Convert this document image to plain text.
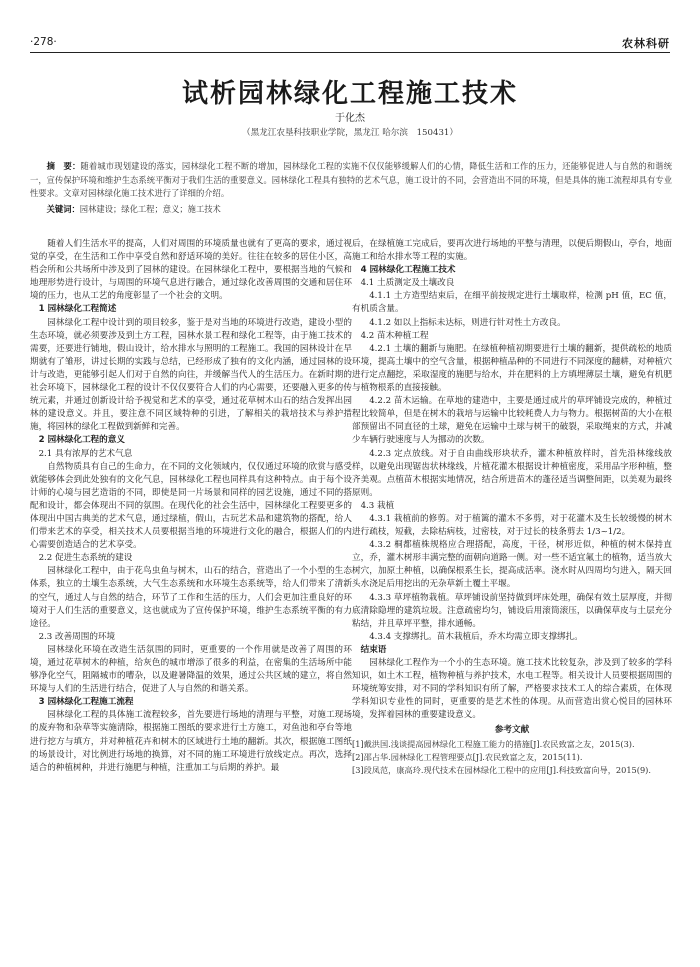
·278·	农林科研
试析园林绿化工程施工技术
于化杰
（黑龙江农垦科技职业学院，黑龙江 哈尔滨　150431）
摘　要：随着城市现划建设的落实，园林绿化工程不断的增加，园林绿化工程的实施不仅仅能够缓解人们的心情，降低生活和工作的压力，还能够促进人与自然的和谐统一，宣传保护环境和维护生态系统平衡对于我们生活的重要意义。园林绿化工程具有独特的艺术气息，施工设计的不同，会营造出不同的环境，但是具体的施工流程却具有专业性要求。文章对园林绿化施工技术进行了详细的介绍。
关键词：园林建设；绿化工程；意义；施工技术

随着人们生活水平的提高，人们对周围的环境质量也就有了更高的要求，通过视觉的享受，在生活和工作中享受自然和舒适环境的美好。往往在较多的居住小区，高档会所和公共场所中涉及到了园林的建设。在园林绿化工程中，要根据当地的气候和地理形势进行设计，与周围的环境气息进行融合，通过绿化改善周围的交通和居住环境的压力，也从工艺的角度彰显了一个社会的文明。

1 园林绿化工程简述

园林绿化工程中设计到的项目较多，鉴于是对当地的环境进行改造，建设小型的生态环境，就必须要涉及到土方工程，园林水景工程和绿化工程等，由于施工技术的需要，还要进行铺地，假山设计，给水排水与照明的工程施工。我国的园林设计在早期就有了雏形，讲过长期的实践与总结，已经形成了独有的文化内涵，通过园林的设计与改造，更能够引起人们对于自然的向往，并缓解当代人的生活压力。在新时期的社会环境下，园林绿化工程的设计不仅仅要符合人们的内心需要，还要融入更多的传统元素，并通过创新设计给予视觉和艺术的享受，通过花草树木山石的结合发挥出园林的建设意义。并且，要注意不同区域特种的引进，了解相关的栽培技术与养护措施，将园林的绿化工程做到新鲜和完善。

2 园林绿化工程的意义

2.1 具有浓厚的艺术气息

自然物质具有自己的生命力，在不同的文化领域内，仅仅通过环境的欣赏与感受就能够体会到此处独有的文化气息，园林绿化工程也同样具有这种特点。由于每个设计师的心境与园艺造诣的不同，即使是同一片场景和同样的园艺设施，通过不同的搭配和设计，都会体现出不同的氛围。在现代化的社会生活中，园林绿化工程要更多的体现出中国古典美的艺术气息，通过绿植，假山，古玩艺术品和建筑物的搭配，给人们带来艺术的享受，相关技术人员要根据当地的环境进行文化的融合，根据人们的内心需要创造适合的艺术享受。

2.2 促进生态系统的建设

园林绿化工程中，由于花鸟虫鱼与树木，山石的结合，营造出了一个小型的生态体系，独立的土壤生态系统，大气生态系统和水环境生态系统等，给人们带来了清新的空气，通过人与自然的结合，环节了工作和生活的压力，人们会更加注重良好的环境对于人们生活的重要意义，这也就成为了宣传保护环境，维护生态系统平衡的有力途径。

2.3 改善周围的环境

园林绿化环境在改造生活氛围的同时，更重要的一个作用就是改善了周围的环境，通过花草树木的种植，给灰色的城市增添了很多的利益，在密集的生活场所中能够净化空气，阻隔城市的嘈杂，以及避暑降温的效果，通过公共区域的建立，将自然环境与人们的生活进行结合，促进了人与自然的和谐关系。

3 园林绿化工程施工流程

园林绿化工程的具体施工流程较多，首先要进行场地的清理与平整，对施工现场的废弃物和杂草等实施清除，根据施工图纸的要求进行土方施工，对鱼池和亭台等地进行挖方与填方，并对种植花卉和树木的区域进行土地的翻新。其次，根据施工图纸的场景设计，对比例进行场地的换算，对不同的施工环境进行放线定点。再次，选择适合的种植树种，并进行施肥与种植，注重加工与后期的养护。最

后，在绿植施工完成后，要再次进行场地的平整与清理，以便后期假山，亭台，地面施工和给水排水等工程的实施。

4 园林绿化工程施工技术

4.1 土质测定及土壤改良

4.1.1 土方造型结束后，在细平前按规定进行土壤取样，检测 pH 值，EC 值，有机质含量。

4.1.2 如以上指标未达标，则进行针对性土方改良。

4.2 苗木种植工程

4.2.1 土壤的翻新与施肥。在绿植种植初期要进行土壤的翻新，提供疏松的地质环境，提高土壤中的空气含量，根据种植品种的不同进行不同深度的翻耕，对种植穴进行定点翻挖，采取湿度的施肥与给水，并在肥料的上方填埋薄层土壤，避免有机肥与植物根系的直接接触。

4.2.2 苗木运输。在草地的建造中，主要是通过成片的草坪铺设完成的，种植过程比较简单，但是在树木的栽培与运输中比较耗费人力与物力。根据树苗的大小在根部预留出不同直径的土球，避免在运输中土球与树干的破裂，采取绳束的方式，并减少车辆行驶速度与人为挪动的次数。

4.2.3 定点放线。对于自由曲线形块状乔，灌木种植放样时，首先沿林缘线放样，以避免出现锯齿状林缘线，片植花灌木根据设计种植密度，采用品字形种植，整齐美观。点植苗木根据实地情况，结合所进苗木的蓬径适当调整间距，以美观为最终原则。

4.3 栽植

4.3.1 栽植前的修剪。对于植篱的灌木不多剪，对于花灌木及生长较缓慢的树木进行疏枝，短截，去除枯病枝，过密枝，对于过长的枝条剪去 1/3~1/2。

4.3.2 桐都植株规格应合理搭配，高度，干径，树形近似，种植的树木保持直立，乔，灌木树形丰满完整的面朝向道路一侧。对一些不适宜氟土的植物，适当放大树穴，加原土种植，以确保根系生长，提高成活率。浇水时从四周均匀进入，隔天回头水浇足后用挖出的无杂草新土覆土平堰。

4.3.3 草坪植物栽植。草坪铺设前坚持做到坪床处理，确保有效土层厚度，并彻底清除隐埋的建筑垃圾。注意疏密均匀，铺设后用滚筒滚压，以确保草皮与土层充分粘结，并且草坪平整，排水通畅。

4.3.4 支撑绑扎。苗木栽植后，乔木均需立即支撑绑扎。

结束语

园林绿化工程作为一个小的生态环境。施工技术比较复杂，涉及到了较多的学科知识，如土木工程，植物种植与养护技术，水电工程等。相关设计人员要根据周围的环境统筹安排，对不同的学科知识有所了解，严格要求技术工人的综合素质，在体现学科知识专业性的同时，更重要的是艺术性的体现。从而营造出赏心悦目的园林环境，发挥着园林的重要建设意义。

参考文献

[1]戴洪国.浅谈提高园林绿化工程施工能力的措施[J].农民致富之友，2015(3).

[2]邵占华.园林绿化工程管理要点[J].农民致富之友，2015(11).

[3]段凤范，康高玲.现代技术在园林绿化工程中的应用[J].科技致富向导，2015(9).
